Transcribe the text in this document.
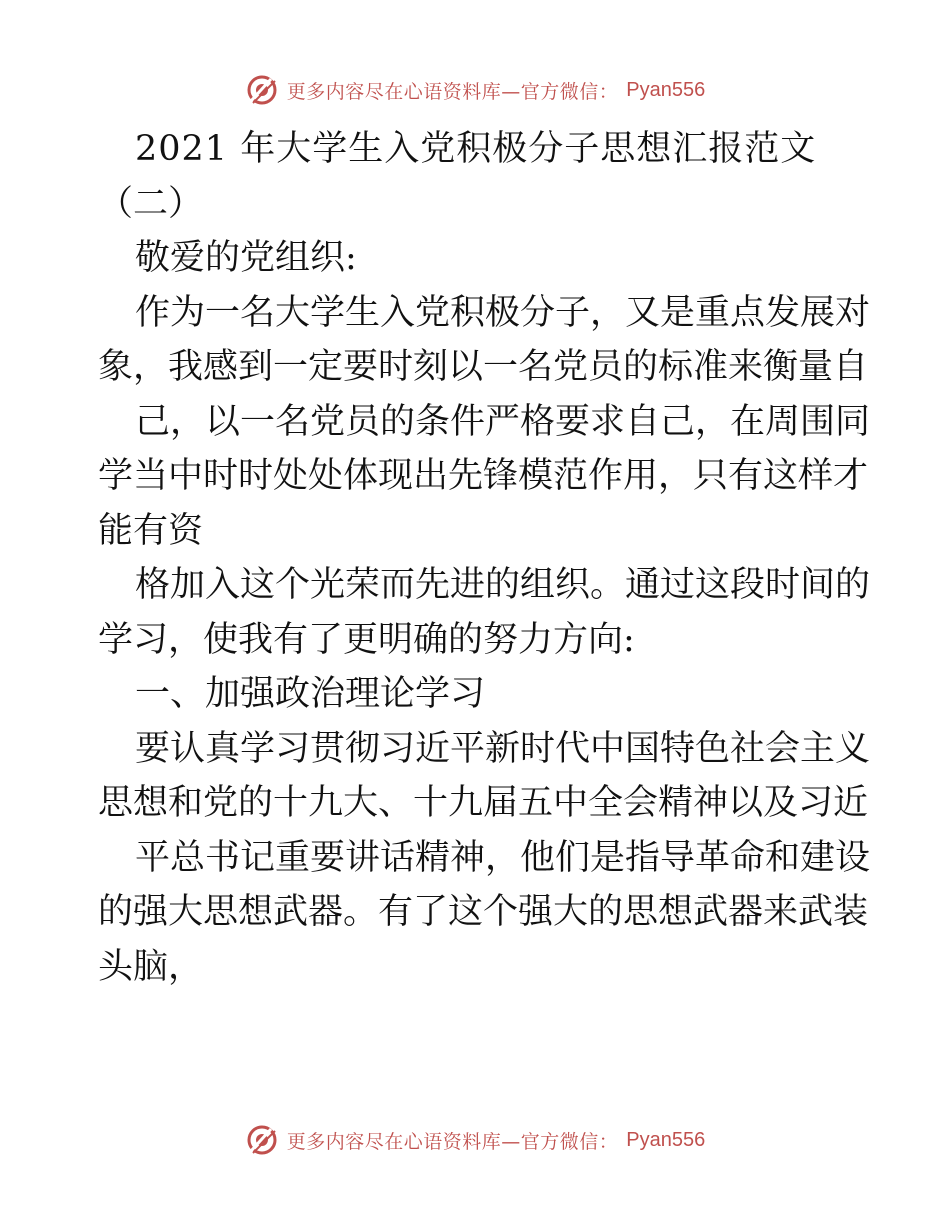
更多内容尽在心语资料库—官方微信： Pyan556
2021 年大学生入党积极分子思想汇报范文
（二）
敬爱的党组织:
作为一名大学生入党积极分子，又是重点发展对
象，我感到一定要时刻以一名党员的标准来衡量自
己，以一名党员的条件严格要求自己，在周围同
学当中时时处处体现出先锋模范作用，只有这样才
能有资
格加入这个光荣而先进的组织。通过这段时间的
学习，使我有了更明确的努力方向:
一、加强政治理论学习
要认真学习贯彻习近平新时代中国特色社会主义
思想和党的十九大、十九届五中全会精神以及习近
平总书记重要讲话精神，他们是指导革命和建设
的强大思想武器。有了这个强大的思想武器来武装
头脑，
更多内容尽在心语资料库—官方微信： Pyan556
